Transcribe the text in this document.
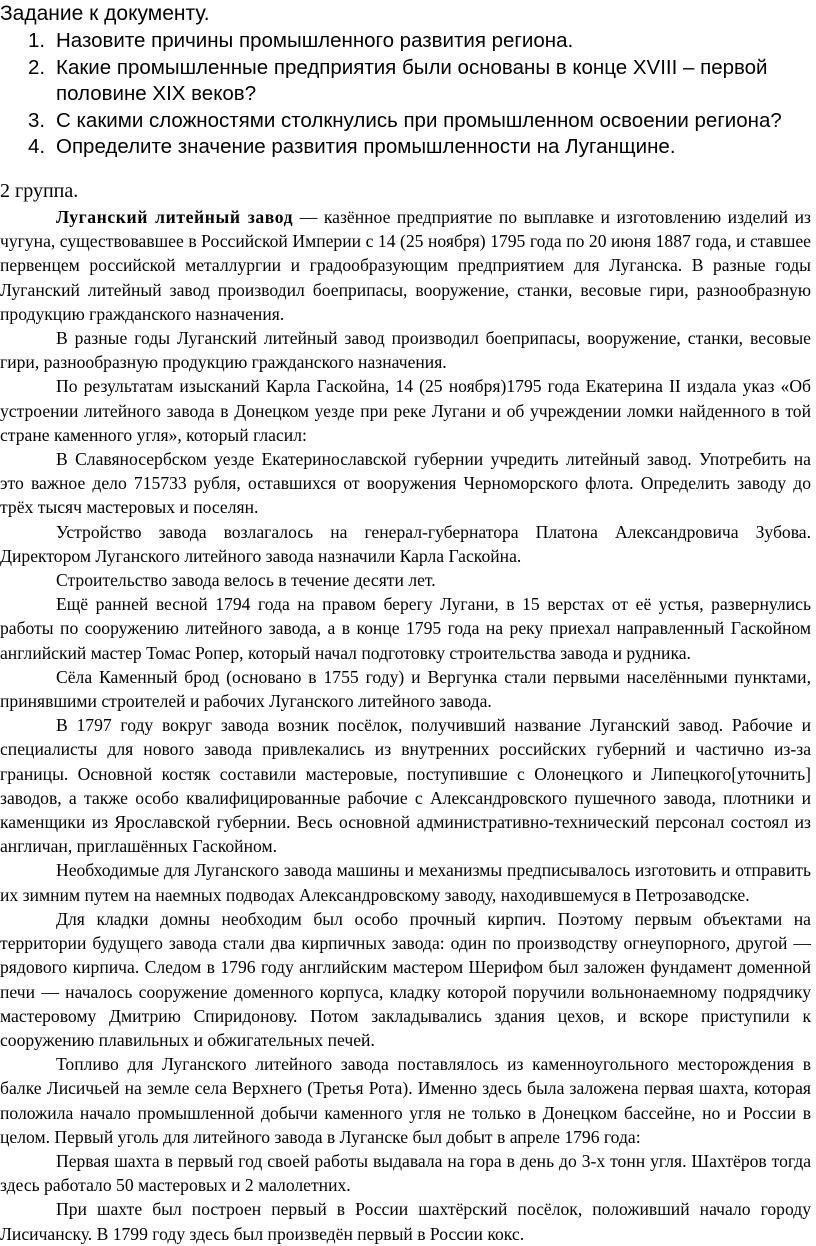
Задание к документу.
1. Назовите причины промышленного развития региона.
2. Какие промышленные предприятия были основаны в конце XVIII – первой половине XIX веков?
3. С какими сложностями столкнулись при промышленном освоении региона?
4. Определите значение развития промышленности на Луганщине.
2 группа.

Луганский литейный завод — казённое предприятие по выплавке и изготовлению изделий из чугуна, существовавшее в Российской Империи с 14 (25 ноября) 1795 года по 20 июня 1887 года, и ставшее первенцем российской металлургии и градообразующим предприятием для Луганска. В разные годы Луганский литейный завод производил боеприпасы, вооружение, станки, весовые гири, разнообразную продукцию гражданского назначения.

В разные годы Луганский литейный завод производил боеприпасы, вооружение, станки, весовые гири, разнообразную продукцию гражданского назначения.

По результатам изысканий Карла Гаскойна, 14 (25 ноября)1795 года Екатерина II издала указ «Об устроении литейного завода в Донецком уезде при реке Лугани и об учреждении ломки найденного в той стране каменного угля», который гласил:

В Славяносербском уезде Екатеринославской губернии учредить литейный завод. Употребить на это важное дело 715733 рубля, оставшихся от вооружения Черноморского флота. Определить заводу до трёх тысяч мастеровых и поселян.

Устройство завода возлагалось на генерал-губернатора Платона Александровича Зубова. Директором Луганского литейного завода назначили Карла Гаскойна.

Строительство завода велось в течение десяти лет.

Ещё ранней весной 1794 года на правом берегу Лугани, в 15 верстах от её устья, развернулись работы по сооружению литейного завода, а в конце 1795 года на реку приехал направленный Гаскойном английский мастер Томас Ропер, который начал подготовку строительства завода и рудника.

Сёла Каменный брод (основано в 1755 году) и Вергунка стали первыми населёнными пунктами, принявшими строителей и рабочих Луганского литейного завода.

В 1797 году вокруг завода возник посёлок, получивший название Луганский завод. Рабочие и специалисты для нового завода привлекались из внутренних российских губерний и частично из-за границы. Основной костяк составили мастеровые, поступившие с Олонецкого и Липецкого[уточнить] заводов, а также особо квалифицированные рабочие с Александровского пушечного завода, плотники и каменщики из Ярославской губернии. Весь основной административно-технический персонал состоял из англичан, приглашённых Гаскойном.

Необходимые для Луганского завода машины и механизмы предписывалось изготовить и отправить их зимним путем на наемных подводах Александровскому заводу, находившемуся в Петрозаводске.

Для кладки домны необходим был особо прочный кирпич. Поэтому первым объектами на территории будущего завода стали два кирпичных завода: один по производству огнеупорного, другой — рядового кирпича. Следом в 1796 году английским мастером Шерифом был заложен фундамент доменной печи — началось сооружение доменного корпуса, кладку которой поручили вольнонаемному подрядчику мастеровому Дмитрию Спиридонову. Потом закладывались здания цехов, и вскоре приступили к сооружению плавильных и обжигательных печей.

Топливо для Луганского литейного завода поставлялось из каменноугольного месторождения в балке Лисичьей на земле села Верхнего (Третья Рота). Именно здесь была заложена первая шахта, которая положила начало промышленной добычи каменного угля не только в Донецком бассейне, но и России в целом. Первый уголь для литейного завода в Луганске был добыт в апреле 1796 года:

Первая шахта в первый год своей работы выдавала на гора в день до 3-х тонн угля. Шахтёров тогда здесь работало 50 мастеровых и 2 малолетних.

При шахте был построен первый в России шахтёрский посёлок, положивший начало городу Лисичанску. В 1799 году здесь был произведён первый в России кокс.
